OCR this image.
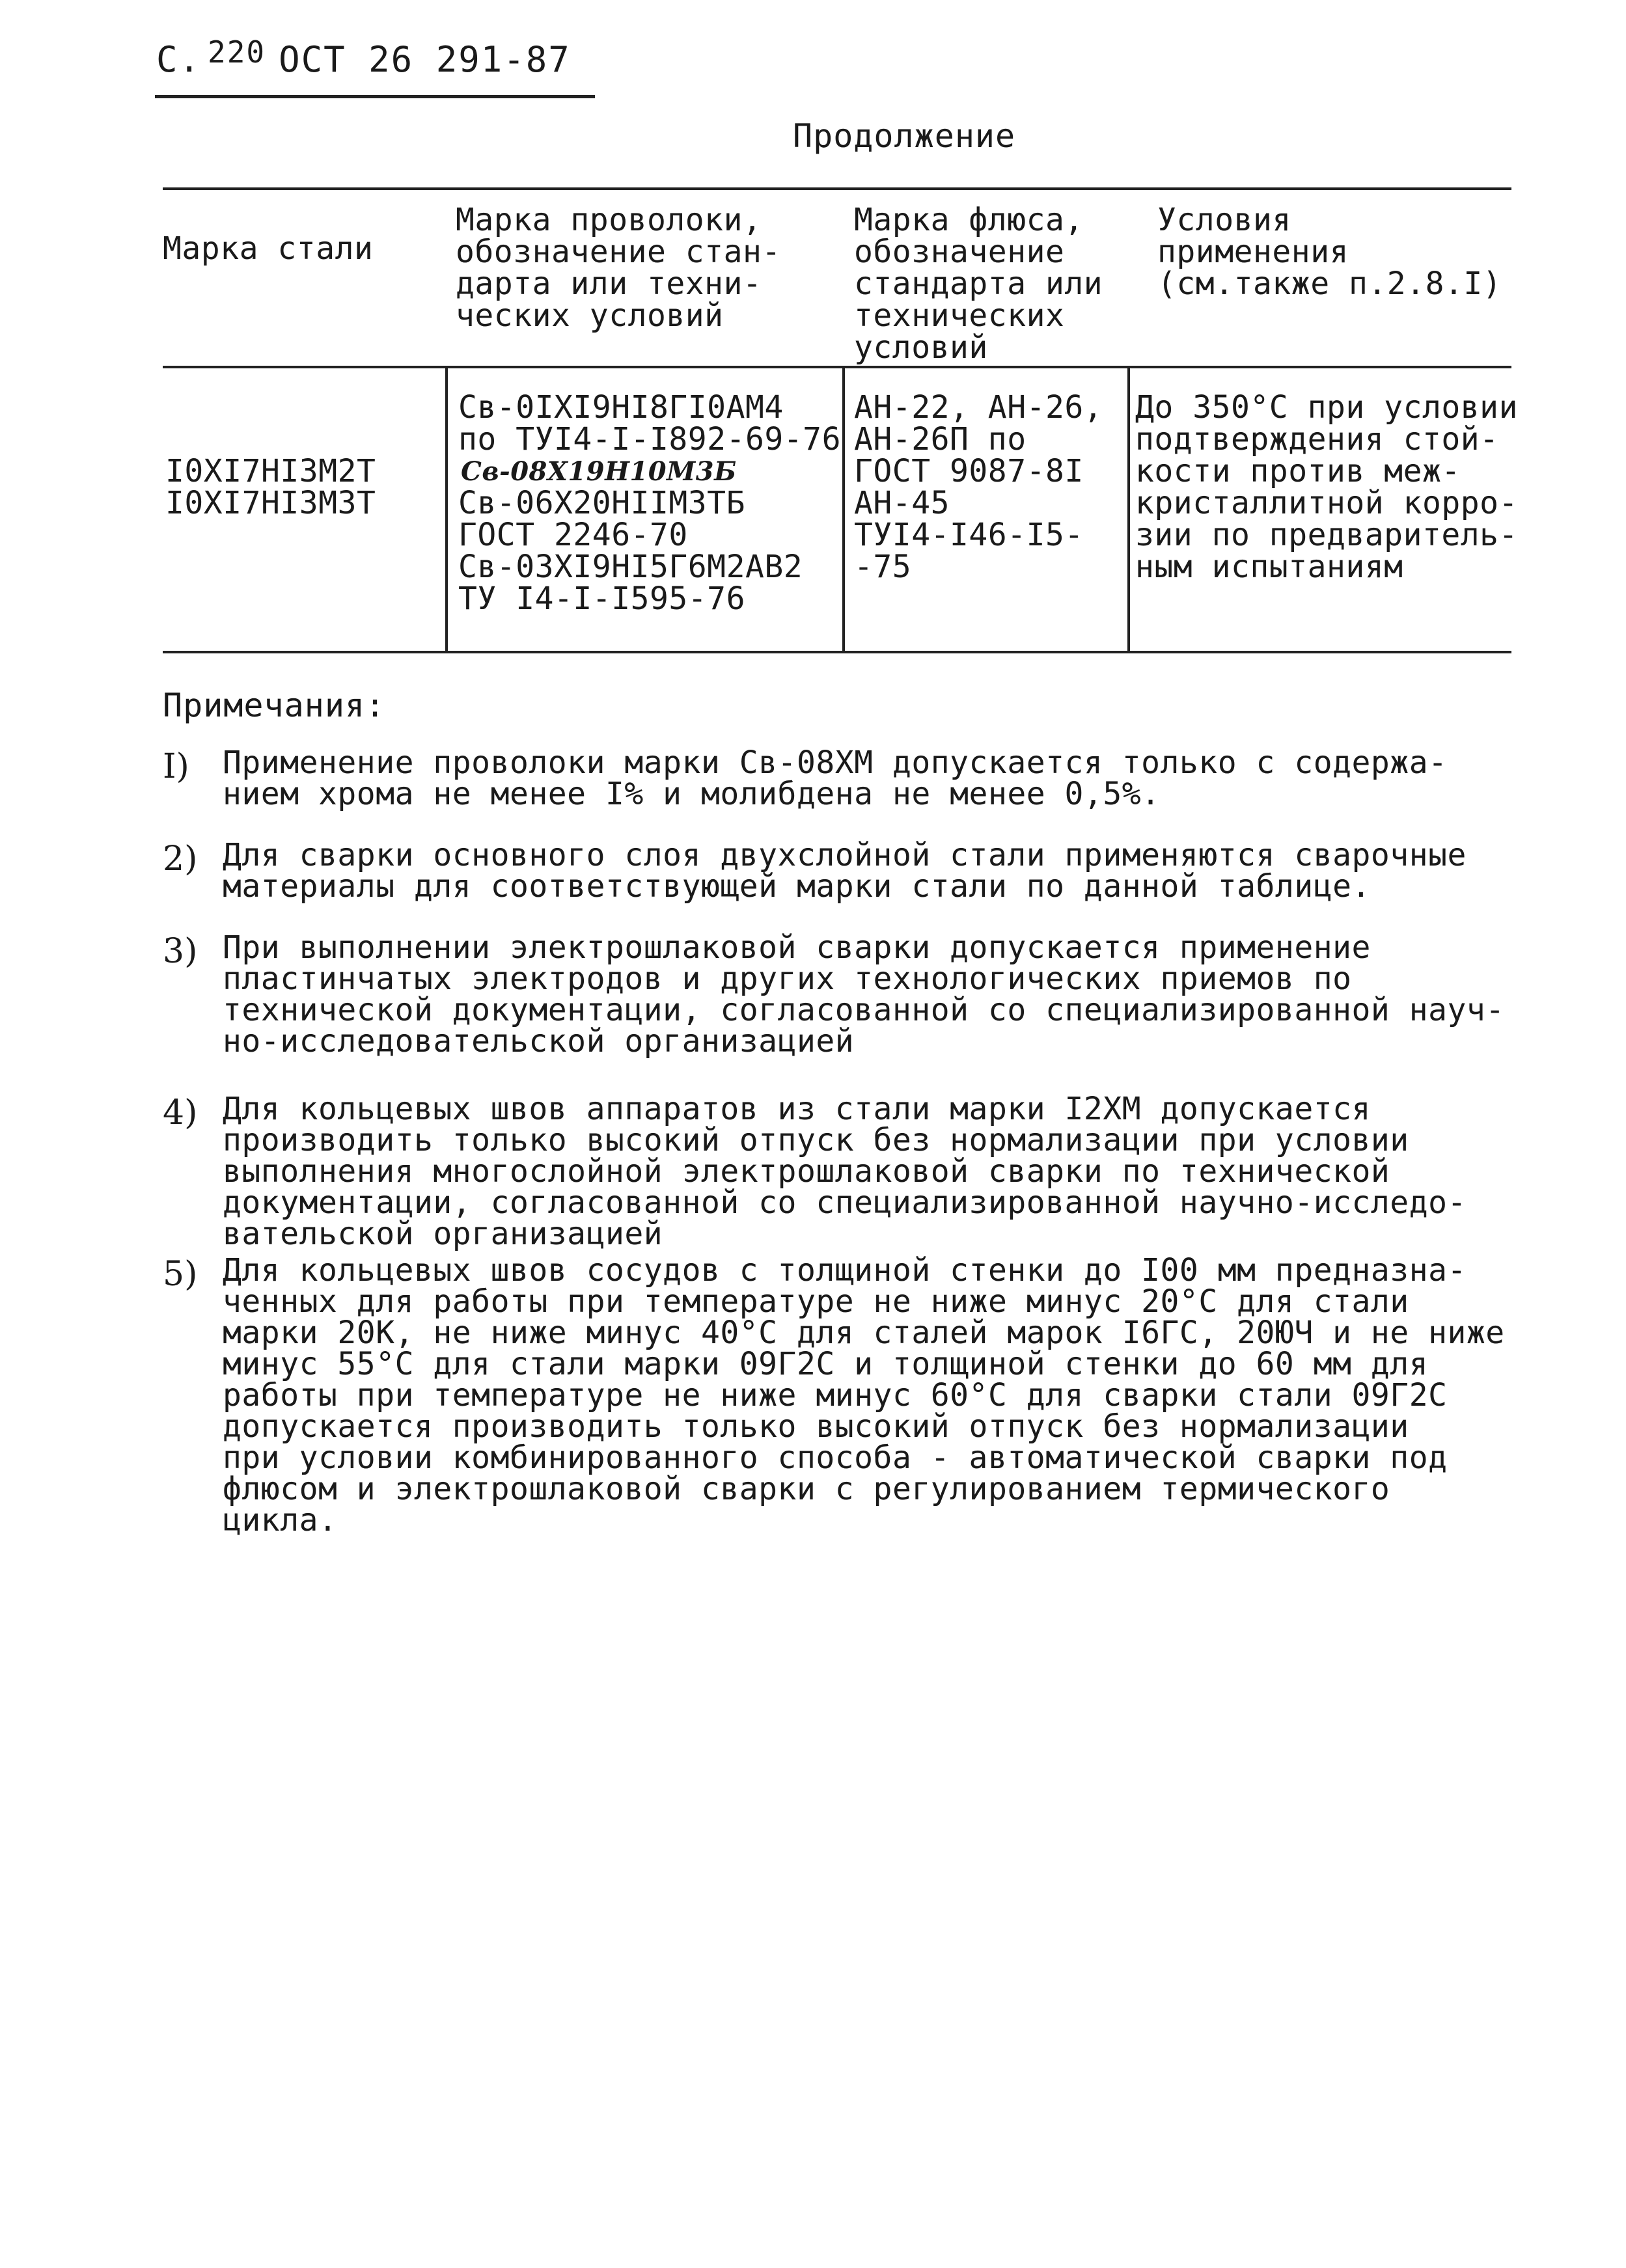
С. 220 ОСТ 26 291-87
Продолжение
Марка стали
Марка проволоки,
обозначение стан-
дарта или техни-
ческих условий
Марка флюса,
обозначение
стандарта или
технических
условий
Условия
применения
(см.также п.2.8.I)
I0XI7HI3M2T
I0XI7HI3M3T
Св-0IXI9HI8ГI0AM4
по ТУI4-I-I892-69-76
Св-08Х19Н10М3Б
Св-06Х20НIIМ3ТБ
ГОСТ 2246-70
Св-03ХI9HI5Г6M2AB2
ТУ I4-I-I595-76
АН-22, АН-26,
АН-26П по
ГОСТ 9087-8I
АН-45
ТУI4-I46-I5-
-75
До 350°С при условии
подтверждения стой-
кости против меж-
кристаллитной корро-
зии по предваритель-
ным испытаниям
Примечания:
I) Применение проволоки марки Св-08ХМ допускается только с содержа-
нием хрома не менее I% и молибдена не менее 0,5%.
2) Для сварки основного слоя двухслойной стали применяются сварочные
материалы для соответствующей марки стали по данной таблице.
3) При выполнении электрошлаковой сварки допускается применение
пластинчатых электродов и других технологических приемов по
технической документации, согласованной со специализированной науч-
но-исследовательской организацией
4) Для кольцевых швов аппаратов из стали марки I2ХМ допускается
производить только высокий отпуск без нормализации при условии
выполнения многослойной электрошлаковой сварки по технической
документации, согласованной со специализированной научно-исследо-
вательской организацией
5) Для кольцевых швов сосудов с толщиной стенки до I00 мм предназна-
ченных для работы при температуре не ниже минус 20°С для стали
марки 20К, не ниже минус 40°С для сталей марок I6ГС, 20ЮЧ и не ниже
минус 55°С для стали марки 09Г2С и толщиной стенки до 60 мм для
работы при температуре не ниже минус 60°С для сварки стали 09Г2С
допускается производить только высокий отпуск без нормализации
при условии комбинированного способа - автоматической сварки под
флюсом и электрошлаковой сварки с регулированием термического
цикла.
